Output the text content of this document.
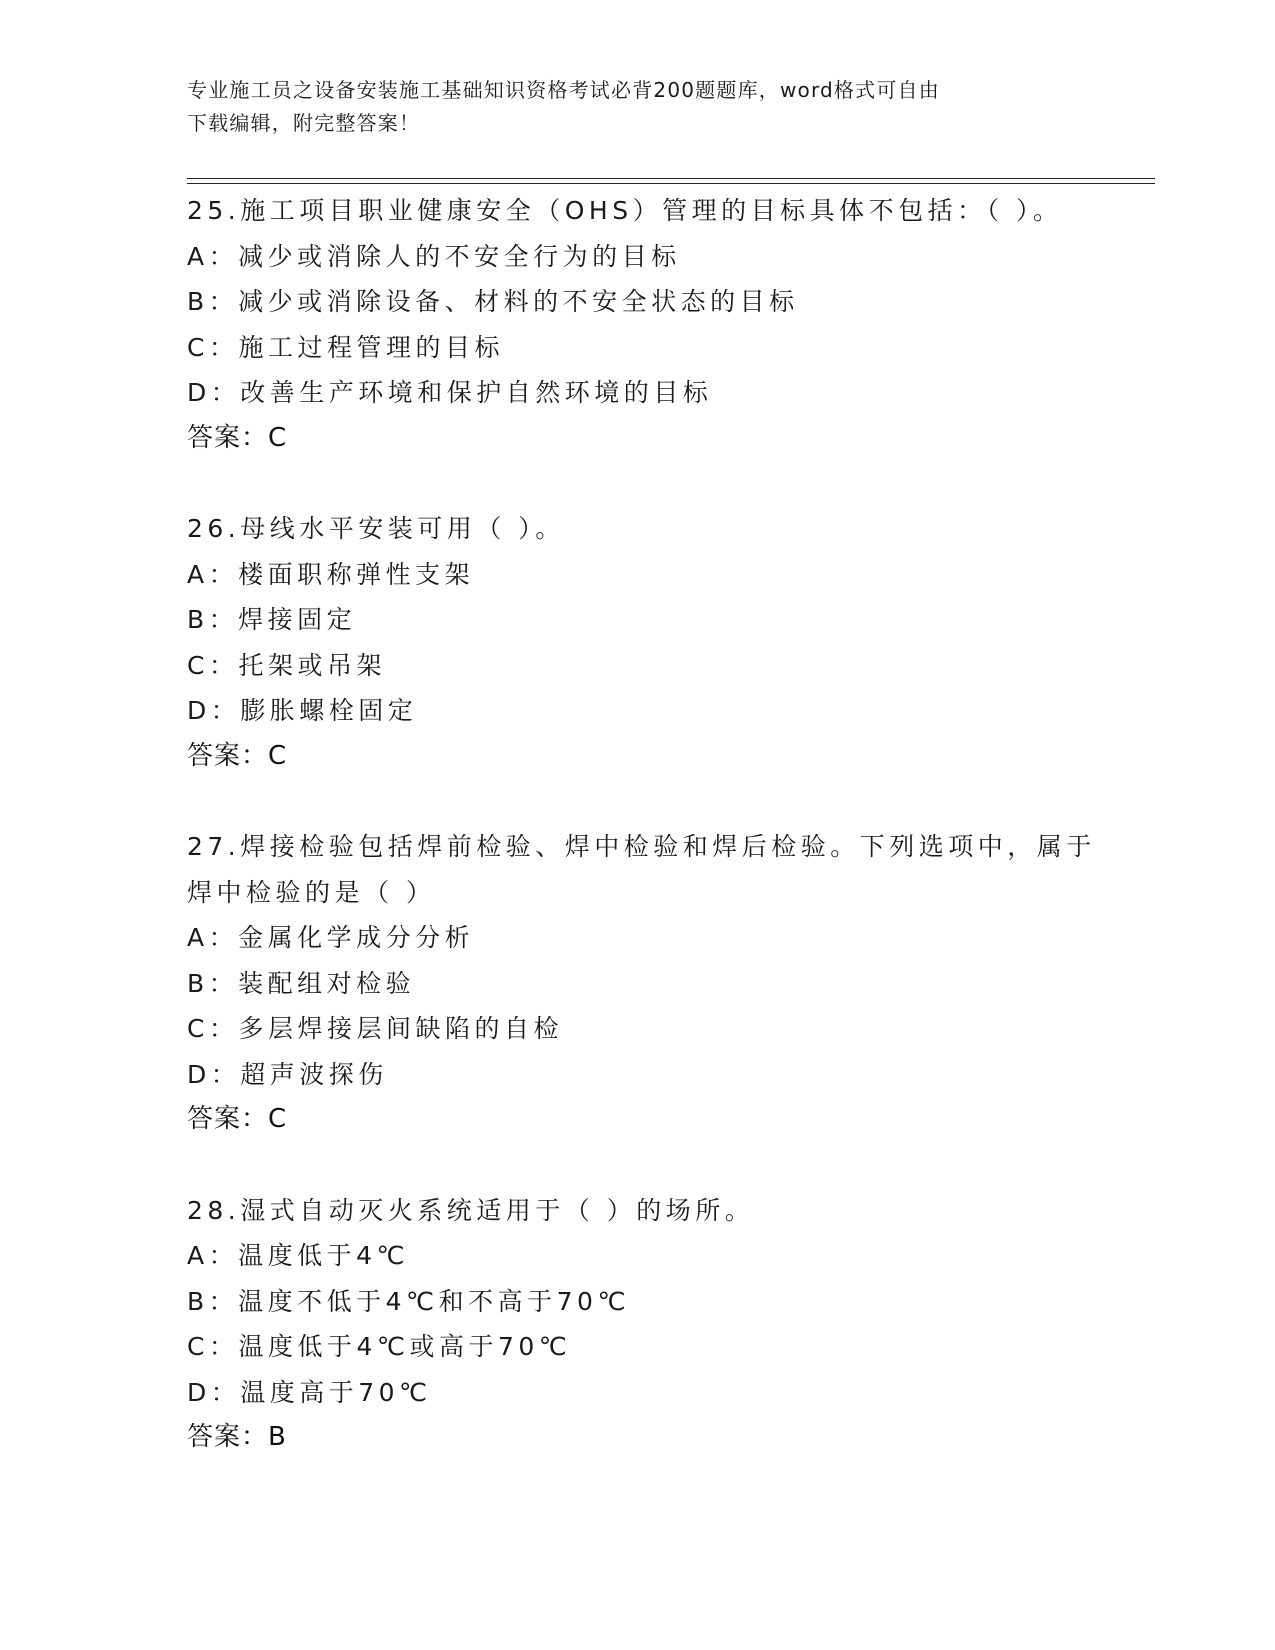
专业施工员之设备安装施工基础知识资格考试必背200题题库，word格式可自由
下载编辑，附完整答案！
25.施工项目职业健康安全（OHS）管理的目标具体不包括：（ ）。
A：减少或消除人的不安全行为的目标
B：减少或消除设备、材料的不安全状态的目标
C：施工过程管理的目标
D：改善生产环境和保护自然环境的目标
答案：C
26.母线水平安装可用（ ）。
A：楼面职称弹性支架
B：焊接固定
C：托架或吊架
D：膨胀螺栓固定
答案：C
27.焊接检验包括焊前检验、焊中检验和焊后检验。下列选项中，属于
焊中检验的是（ ）
A：金属化学成分分析
B：装配组对检验
C：多层焊接层间缺陷的自检
D：超声波探伤
答案：C
28.湿式自动灭火系统适用于（ ）的场所。
A：温度低于4℃
B：温度不低于4℃和不高于70℃
C：温度低于4℃或高于70℃
D：温度高于70℃
答案：B
